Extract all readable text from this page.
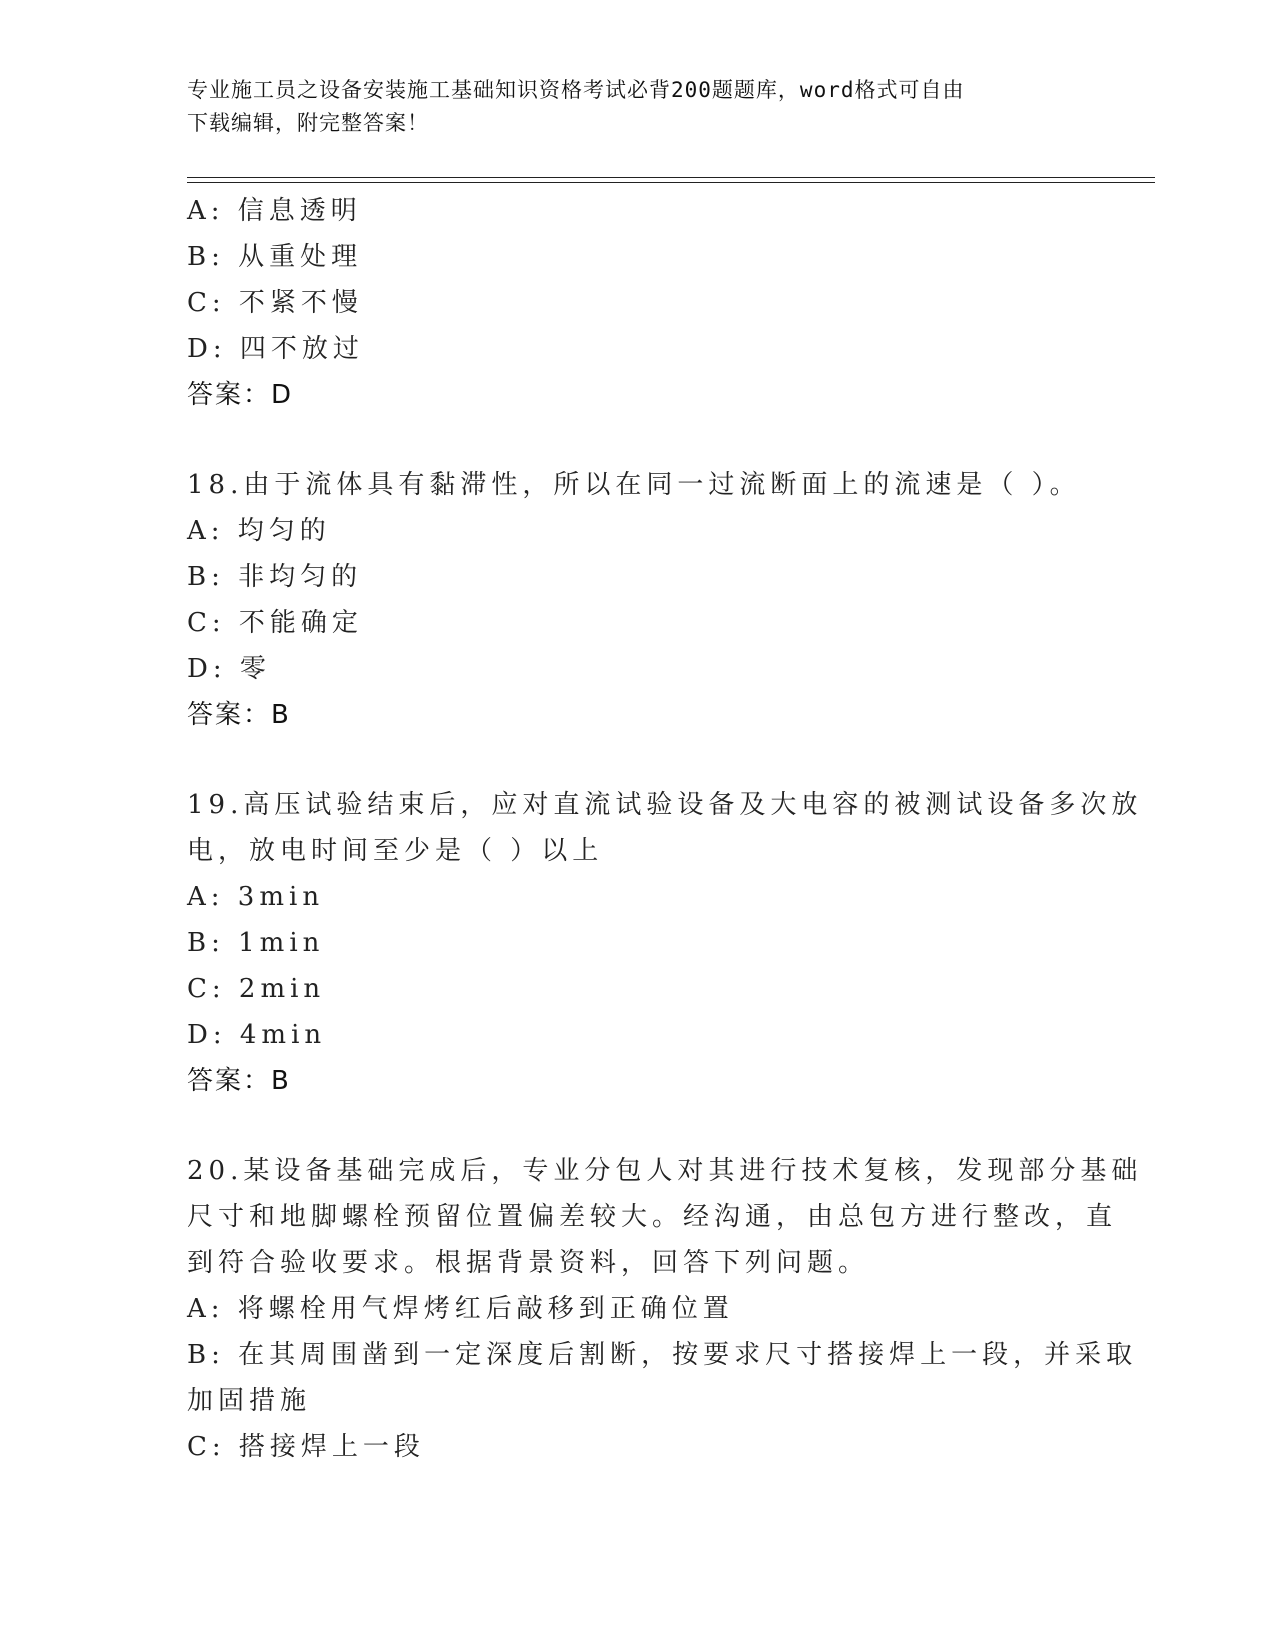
专业施工员之设备安装施工基础知识资格考试必背200题题库，word格式可自由
下载编辑，附完整答案！
A: 信息透明
B: 从重处理
C: 不紧不慢
D: 四不放过
答案：D
18.由于流体具有黏滞性，所以在同一过流断面上的流速是（ ）。
A: 均匀的
B: 非均匀的
C: 不能确定
D: 零
答案：B
19.高压试验结束后，应对直流试验设备及大电容的被测试设备多次放
电，放电时间至少是（ ）以上
A: 3min
B: 1min
C: 2min
D: 4min
答案：B
20.某设备基础完成后，专业分包人对其进行技术复核，发现部分基础
尺寸和地脚螺栓预留位置偏差较大。经沟通，由总包方进行整改，直
到符合验收要求。根据背景资料，回答下列问题。
A: 将螺栓用气焊烤红后敲移到正确位置
B: 在其周围凿到一定深度后割断，按要求尺寸搭接焊上一段，并采取
加固措施
C: 搭接焊上一段
